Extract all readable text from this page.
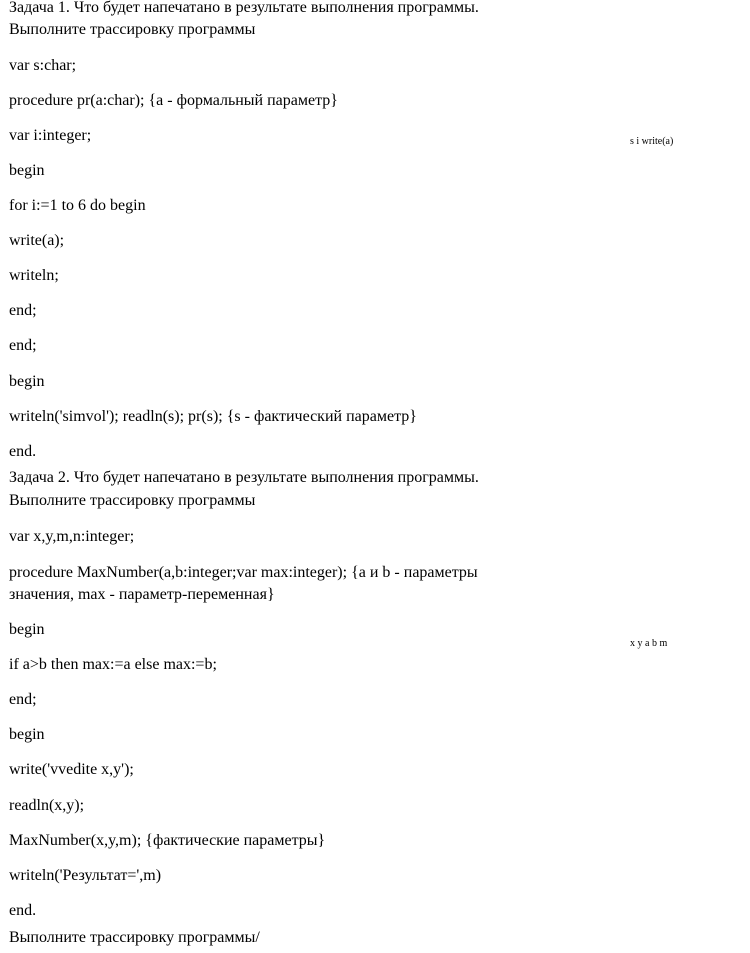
Задача 1. Что будет напечатано в результате выполнения программы.
Выполните трассировку программы
var s:char;
procedure pr(a:char); {a - формальный параметр}
var i:integer;
begin
for i:=1 to 6 do begin
write(a);
writeln;
end;
end;
begin
writeln('simvol'); readln(s); pr(s); {s - фактический параметр}
end.
s i write(a)
Задача 2. Что будет напечатано в результате выполнения программы.
Выполните трассировку программы
var x,y,m,n:integer;
procedure MaxNumber(a,b:integer;var max:integer); {a и b - параметры
значения, max - параметр-переменная}
begin
if a>b then max:=a else max:=b;
end;
begin
write('vvedite x,y');
readln(x,y);
MaxNumber(x,y,m); {фактические параметры}
writeln('Результат=',m)
end.
x y a b m
Выполните трассировку программы/
